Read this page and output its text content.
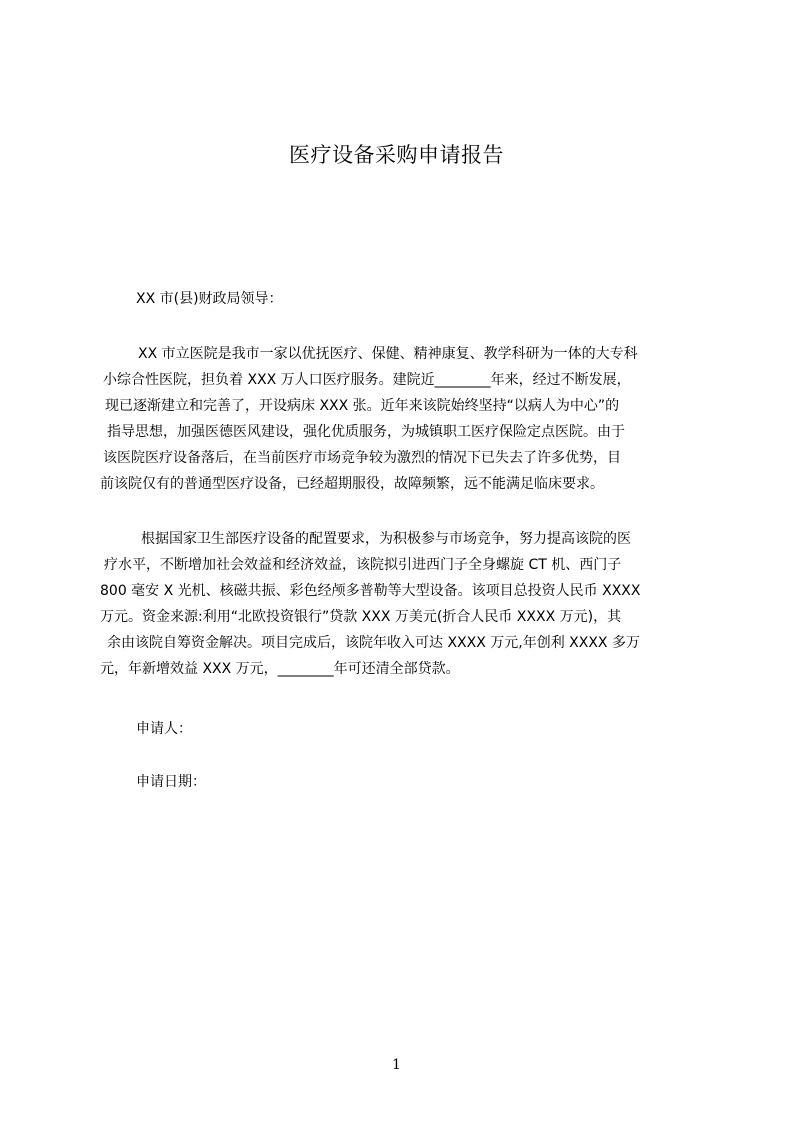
医疗设备采购申请报告
XX 市(县)财政局领导：
XX 市立医院是我市一家以优抚医疗、保健、精神康复、教学科研为一体的大专科
小综合性医院，担负着 XXX 万人口医疗服务。建院近________年来，经过不断发展，
现已逐渐建立和完善了，开设病床 XXX 张。近年来该院始终坚持“以病人为中心”的
指导思想，加强医德医风建设，强化优质服务，为城镇职工医疗保险定点医院。由于
该医院医疗设备落后，在当前医疗市场竞争较为激烈的情况下已失去了许多优势，目
前该院仅有的普通型医疗设备，已经超期服役，故障频繁，远不能满足临床要求。
根据国家卫生部医疗设备的配置要求，为积极参与市场竞争，努力提高该院的医
疗水平，不断增加社会效益和经济效益，该院拟引进西门子全身螺旋 CT 机、西门子
800 毫安 X 光机、核磁共振、彩色经颅多普勒等大型设备。该项目总投资人民币 XXXX
万元。资金来源:利用“北欧投资银行”贷款 XXX 万美元(折合人民币 XXXX 万元)，其
余由该院自筹资金解决。项目完成后，该院年收入可达 XXXX 万元,年创利 XXXX 多万
元，年新增效益 XXX 万元，________年可还清全部贷款。
申请人：
申请日期：
1
